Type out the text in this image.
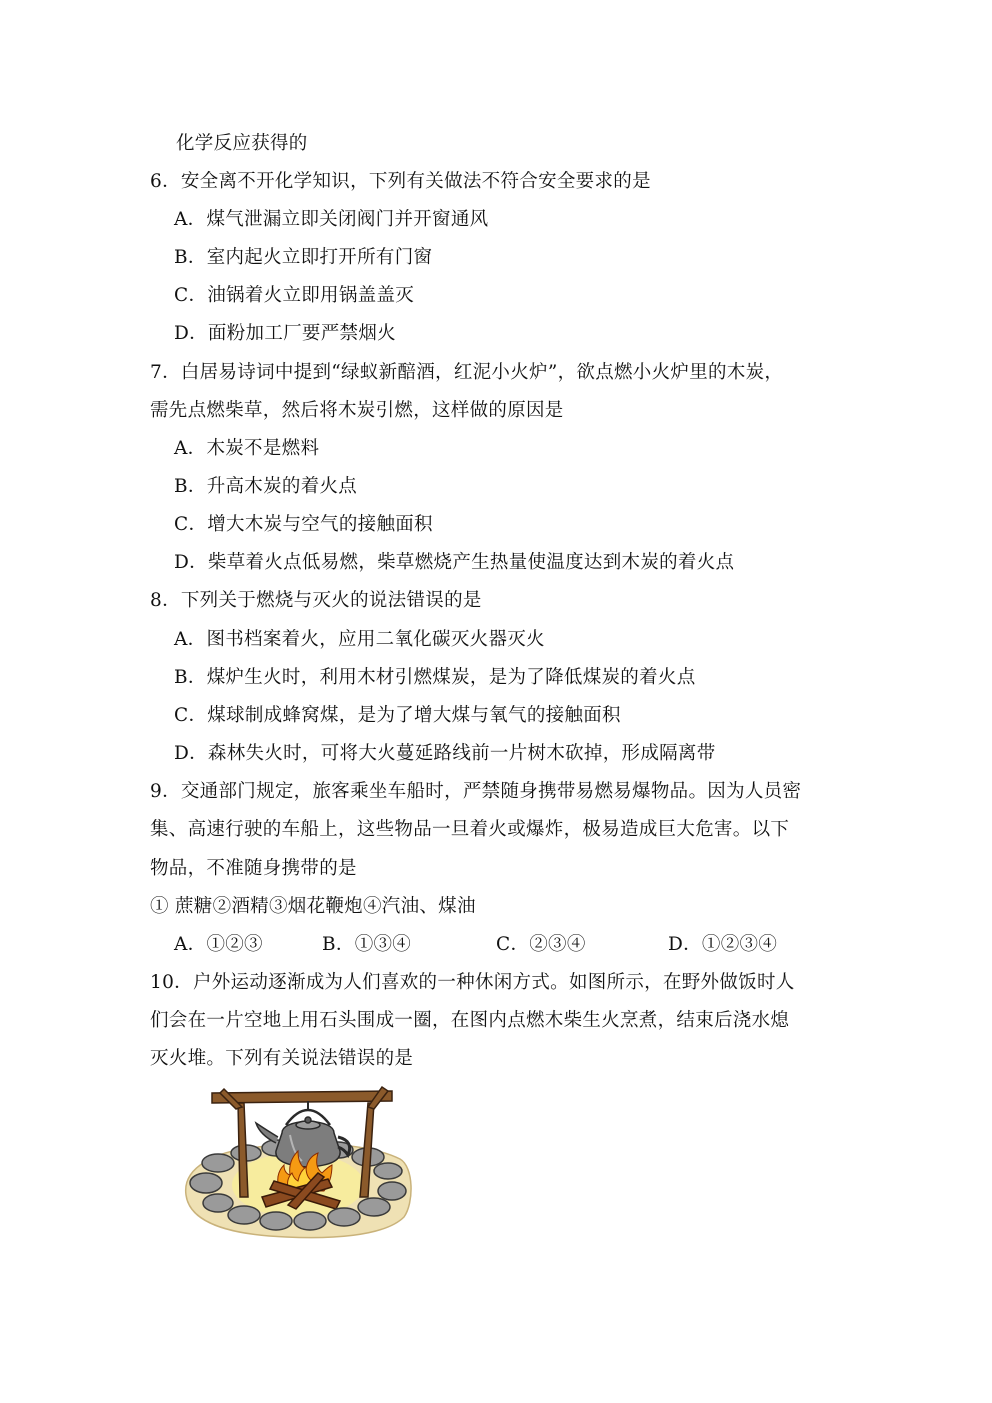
化学反应获得的
6．安全离不开化学知识，下列有关做法不符合安全要求的是
A．煤气泄漏立即关闭阀门并开窗通风
B．室内起火立即打开所有门窗
C．油锅着火立即用锅盖盖灭
D．面粉加工厂要严禁烟火
7．白居易诗词中提到“绿蚁新醅酒，红泥小火炉”，欲点燃小火炉里的木炭，
需先点燃柴草，然后将木炭引燃，这样做的原因是
A．木炭不是燃料
B．升高木炭的着火点
C．增大木炭与空气的接触面积
D．柴草着火点低易燃，柴草燃烧产生热量使温度达到木炭的着火点
8．下列关于燃烧与灭火的说法错误的是
A．图书档案着火，应用二氧化碳灭火器灭火
B．煤炉生火时，利用木材引燃煤炭，是为了降低煤炭的着火点
C．煤球制成蜂窝煤，是为了增大煤与氧气的接触面积
D．森林失火时，可将大火蔓延路线前一片树木砍掉，形成隔离带
9．交通部门规定，旅客乘坐车船时，严禁随身携带易燃易爆物品。因为人员密
集、高速行驶的车船上，这些物品一旦着火或爆炸，极易造成巨大危害。以下
物品，不准随身携带的是
① 蔗糖②酒精③烟花鞭炮④汽油、煤油
A．①②③	B．①③④	C．②③④	D．①②③④
10．户外运动逐渐成为人们喜欢的一种休闲方式。如图所示，在野外做饭时人
们会在一片空地上用石头围成一圈，在图内点燃木柴生火烹煮，结束后浇水熄
灭火堆。下列有关说法错误的是
